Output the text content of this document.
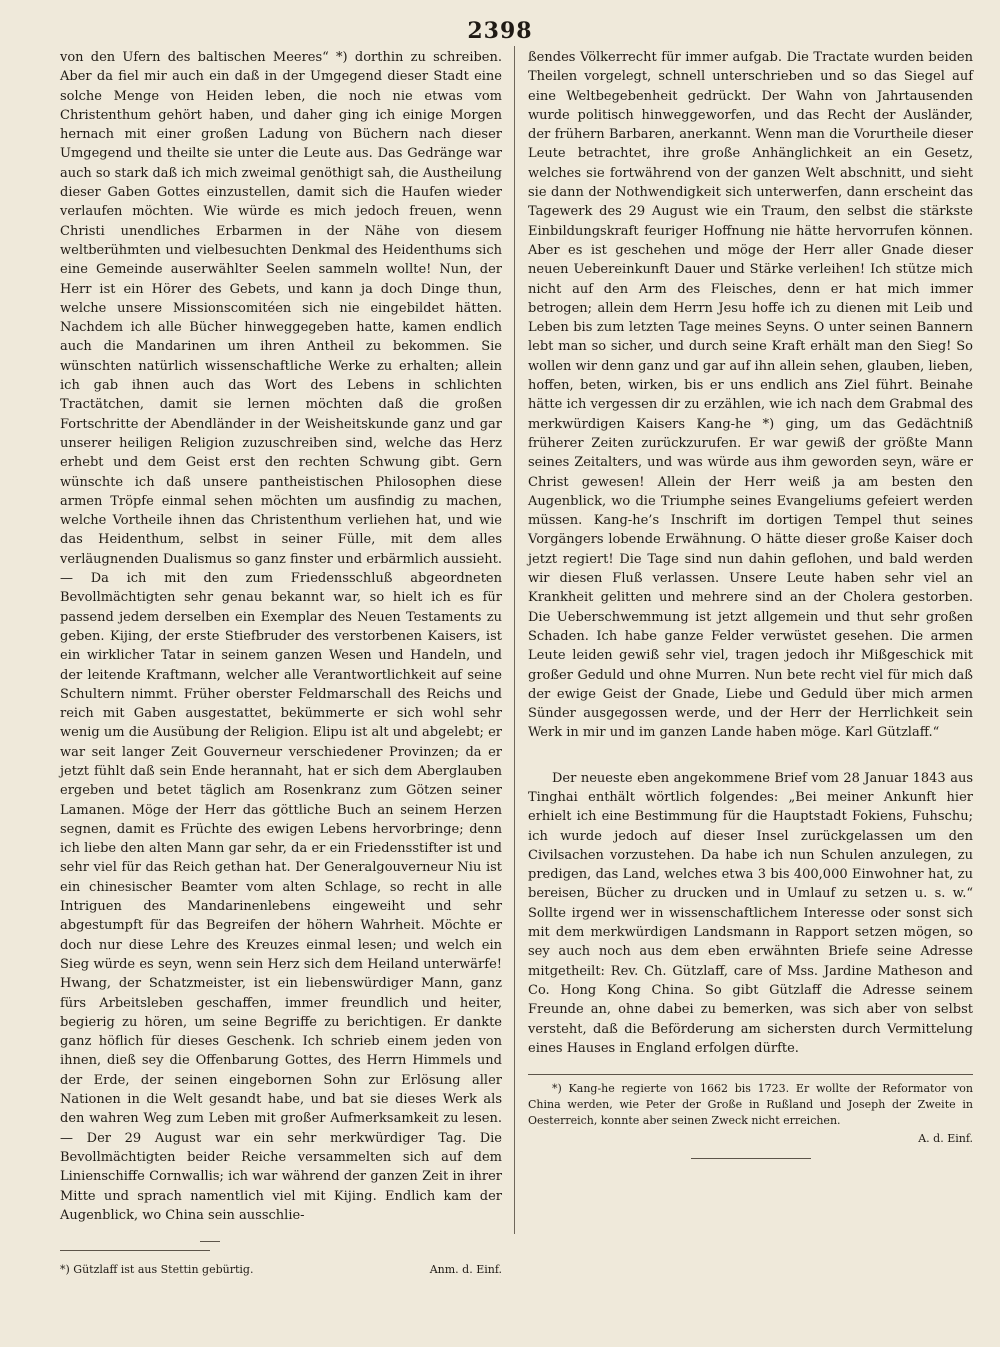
2398

von den Ufern des baltischen Meeres“ *) dorthin zu schreiben. Aber da fiel mir auch ein daß in der Umgegend dieser Stadt eine solche Menge von Heiden leben, die noch nie etwas vom Christenthum gehört haben, und daher ging ich einige Morgen hernach mit einer großen Ladung von Büchern nach dieser Umgegend und theilte sie unter die Leute aus. Das Gedränge war auch so stark daß ich mich zweimal genöthigt sah, die Austheilung dieser Gaben Gottes einzustellen, damit sich die Haufen wieder verlaufen möchten. Wie würde es mich jedoch freuen, wenn Christi unendliches Erbarmen in der Nähe von diesem weltberühmten und vielbesuchten Denkmal des Heidenthums sich eine Gemeinde auserwählter Seelen sammeln wollte! Nun, der Herr ist ein Hörer des Gebets, und kann ja doch Dinge thun, welche unsere Missionscomitéen sich nie eingebildet hätten. Nachdem ich alle Bücher hinweggegeben hatte, kamen endlich auch die Mandarinen um ihren Antheil zu bekommen. Sie wünschten natürlich wissenschaftliche Werke zu erhalten; allein ich gab ihnen auch das Wort des Lebens in schlichten Tractätchen, damit sie lernen möchten daß die großen Fortschritte der Abendländer in der Weisheitskunde ganz und gar unserer heiligen Religion zuzuschreiben sind, welche das Herz erhebt und dem Geist erst den rechten Schwung gibt. Gern wünschte ich daß unsere pantheistischen Philosophen diese armen Tröpfe einmal sehen möchten um ausfindig zu machen, welche Vortheile ihnen das Christenthum verliehen hat, und wie das Heidenthum, selbst in seiner Fülle, mit dem alles verläugnenden Dualismus so ganz finster und erbärmlich aussieht. — Da ich mit den zum Friedensschluß abgeordneten Bevollmächtigten sehr genau bekannt war, so hielt ich es für passend jedem derselben ein Exemplar des Neuen Testaments zu geben. Kijing, der erste Stiefbruder des verstorbenen Kaisers, ist ein wirklicher Tatar in seinem ganzen Wesen und Handeln, und der leitende Kraftmann, welcher alle Verantwortlichkeit auf seine Schultern nimmt. Früher oberster Feldmarschall des Reichs und reich mit Gaben ausgestattet, bekümmerte er sich wohl sehr wenig um die Ausübung der Religion. Elipu ist alt und abgelebt; er war seit langer Zeit Gouverneur verschiedener Provinzen; da er jetzt fühlt daß sein Ende herannaht, hat er sich dem Aberglauben ergeben und betet täglich am Rosenkranz zum Götzen seiner Lamanen. Möge der Herr das göttliche Buch an seinem Herzen segnen, damit es Früchte des ewigen Lebens hervorbringe; denn ich liebe den alten Mann gar sehr, da er ein Friedensstifter ist und sehr viel für das Reich gethan hat. Der Generalgouverneur Niu ist ein chinesischer Beamter vom alten Schlage, so recht in alle Intriguen des Mandarinenlebens eingeweiht und sehr abgestumpft für das Begreifen der höhern Wahrheit. Möchte er doch nur diese Lehre des Kreuzes einmal lesen; und welch ein Sieg würde es seyn, wenn sein Herz sich dem Heiland unterwärfe! Hwang, der Schatzmeister, ist ein liebenswürdiger Mann, ganz fürs Arbeitsleben geschaffen, immer freundlich und heiter, begierig zu hören, um seine Begriffe zu berichtigen. Er dankte ganz höflich für dieses Geschenk. Ich schrieb einem jeden von ihnen, dieß sey die Offenbarung Gottes, des Herrn Himmels und der Erde, der seinen eingebornen Sohn zur Erlösung aller Nationen in die Welt gesandt habe, und bat sie dieses Werk als den wahren Weg zum Leben mit großer Aufmerksamkeit zu lesen. — Der 29 August war ein sehr merkwürdiger Tag. Die Bevollmächtigten beider Reiche versammelten sich auf dem Linienschiffe Cornwallis; ich war während der ganzen Zeit in ihrer Mitte und sprach namentlich viel mit Kijing. Endlich kam der Augenblick, wo China sein ausschlie-

ßendes Völkerrecht für immer aufgab. Die Tractate wurden beiden Theilen vorgelegt, schnell unterschrieben und so das Siegel auf eine Weltbegebenheit gedrückt. Der Wahn von Jahrtausenden wurde politisch hinweggeworfen, und das Recht der Ausländer, der frühern Barbaren, anerkannt. Wenn man die Vorurtheile dieser Leute betrachtet, ihre große Anhänglichkeit an ein Gesetz, welches sie fortwährend von der ganzen Welt abschnitt, und sieht sie dann der Nothwendigkeit sich unterwerfen, dann erscheint das Tagewerk des 29 August wie ein Traum, den selbst die stärkste Einbildungskraft feuriger Hoffnung nie hätte hervorrufen können. Aber es ist geschehen und möge der Herr aller Gnade dieser neuen Uebereinkunft Dauer und Stärke verleihen! Ich stütze mich nicht auf den Arm des Fleisches, denn er hat mich immer betrogen; allein dem Herrn Jesu hoffe ich zu dienen mit Leib und Leben bis zum letzten Tage meines Seyns. O unter seinen Bannern lebt man so sicher, und durch seine Kraft erhält man den Sieg! So wollen wir denn ganz und gar auf ihn allein sehen, glauben, lieben, hoffen, beten, wirken, bis er uns endlich ans Ziel führt. Beinahe hätte ich vergessen dir zu erzählen, wie ich nach dem Grabmal des merkwürdigen Kaisers Kang-he *) ging, um das Gedächtniß früherer Zeiten zurückzurufen. Er war gewiß der größte Mann seines Zeitalters, und was würde aus ihm geworden seyn, wäre er Christ gewesen! Allein der Herr weiß ja am besten den Augenblick, wo die Triumphe seines Evangeliums gefeiert werden müssen. Kang-he’s Inschrift im dortigen Tempel thut seines Vorgängers lobende Erwähnung. O hätte dieser große Kaiser doch jetzt regiert! Die Tage sind nun dahin geflohen, und bald werden wir diesen Fluß verlassen. Unsere Leute haben sehr viel an Krankheit gelitten und mehrere sind an der Cholera gestorben. Die Ueberschwemmung ist jetzt allgemein und thut sehr großen Schaden. Ich habe ganze Felder verwüstet gesehen. Die armen Leute leiden gewiß sehr viel, tragen jedoch ihr Mißgeschick mit großer Geduld und ohne Murren. Nun bete recht viel für mich daß der ewige Geist der Gnade, Liebe und Geduld über mich armen Sünder ausgegossen werde, und der Herr der Herrlichkeit sein Werk in mir und im ganzen Lande haben möge. Karl Gützlaff.“

Der neueste eben angekommene Brief vom 28 Januar 1843 aus Tinghai enthält wörtlich folgendes: „Bei meiner Ankunft hier erhielt ich eine Bestimmung für die Hauptstadt Fokiens, Fuhschu; ich wurde jedoch auf dieser Insel zurückgelassen um den Civilsachen vorzustehen. Da habe ich nun Schulen anzulegen, zu predigen, das Land, welches etwa 3 bis 400,000 Einwohner hat, zu bereisen, Bücher zu drucken und in Umlauf zu setzen u. s. w.“ Sollte irgend wer in wissenschaftlichem Interesse oder sonst sich mit dem merkwürdigen Landsmann in Rapport setzen mögen, so sey auch noch aus dem eben erwähnten Briefe seine Adresse mitgetheilt: Rev. Ch. Gützlaff, care of Mss. Jardine Matheson and Co. Hong Kong China. So gibt Gützlaff die Adresse seinem Freunde an, ohne dabei zu bemerken, was sich aber von selbst versteht, daß die Beförderung am sichersten durch Vermittelung eines Hauses in England erfolgen dürfte.

*) Kang-he regierte von 1662 bis 1723. Er wollte der Reformator von China werden, wie Peter der Große in Rußland und Joseph der Zweite in Oesterreich, konnte aber seinen Zweck nicht erreichen.

A. d. Einf.
*) Gützlaff ist aus Stettin gebürtig.	Anm. d. Einf.
